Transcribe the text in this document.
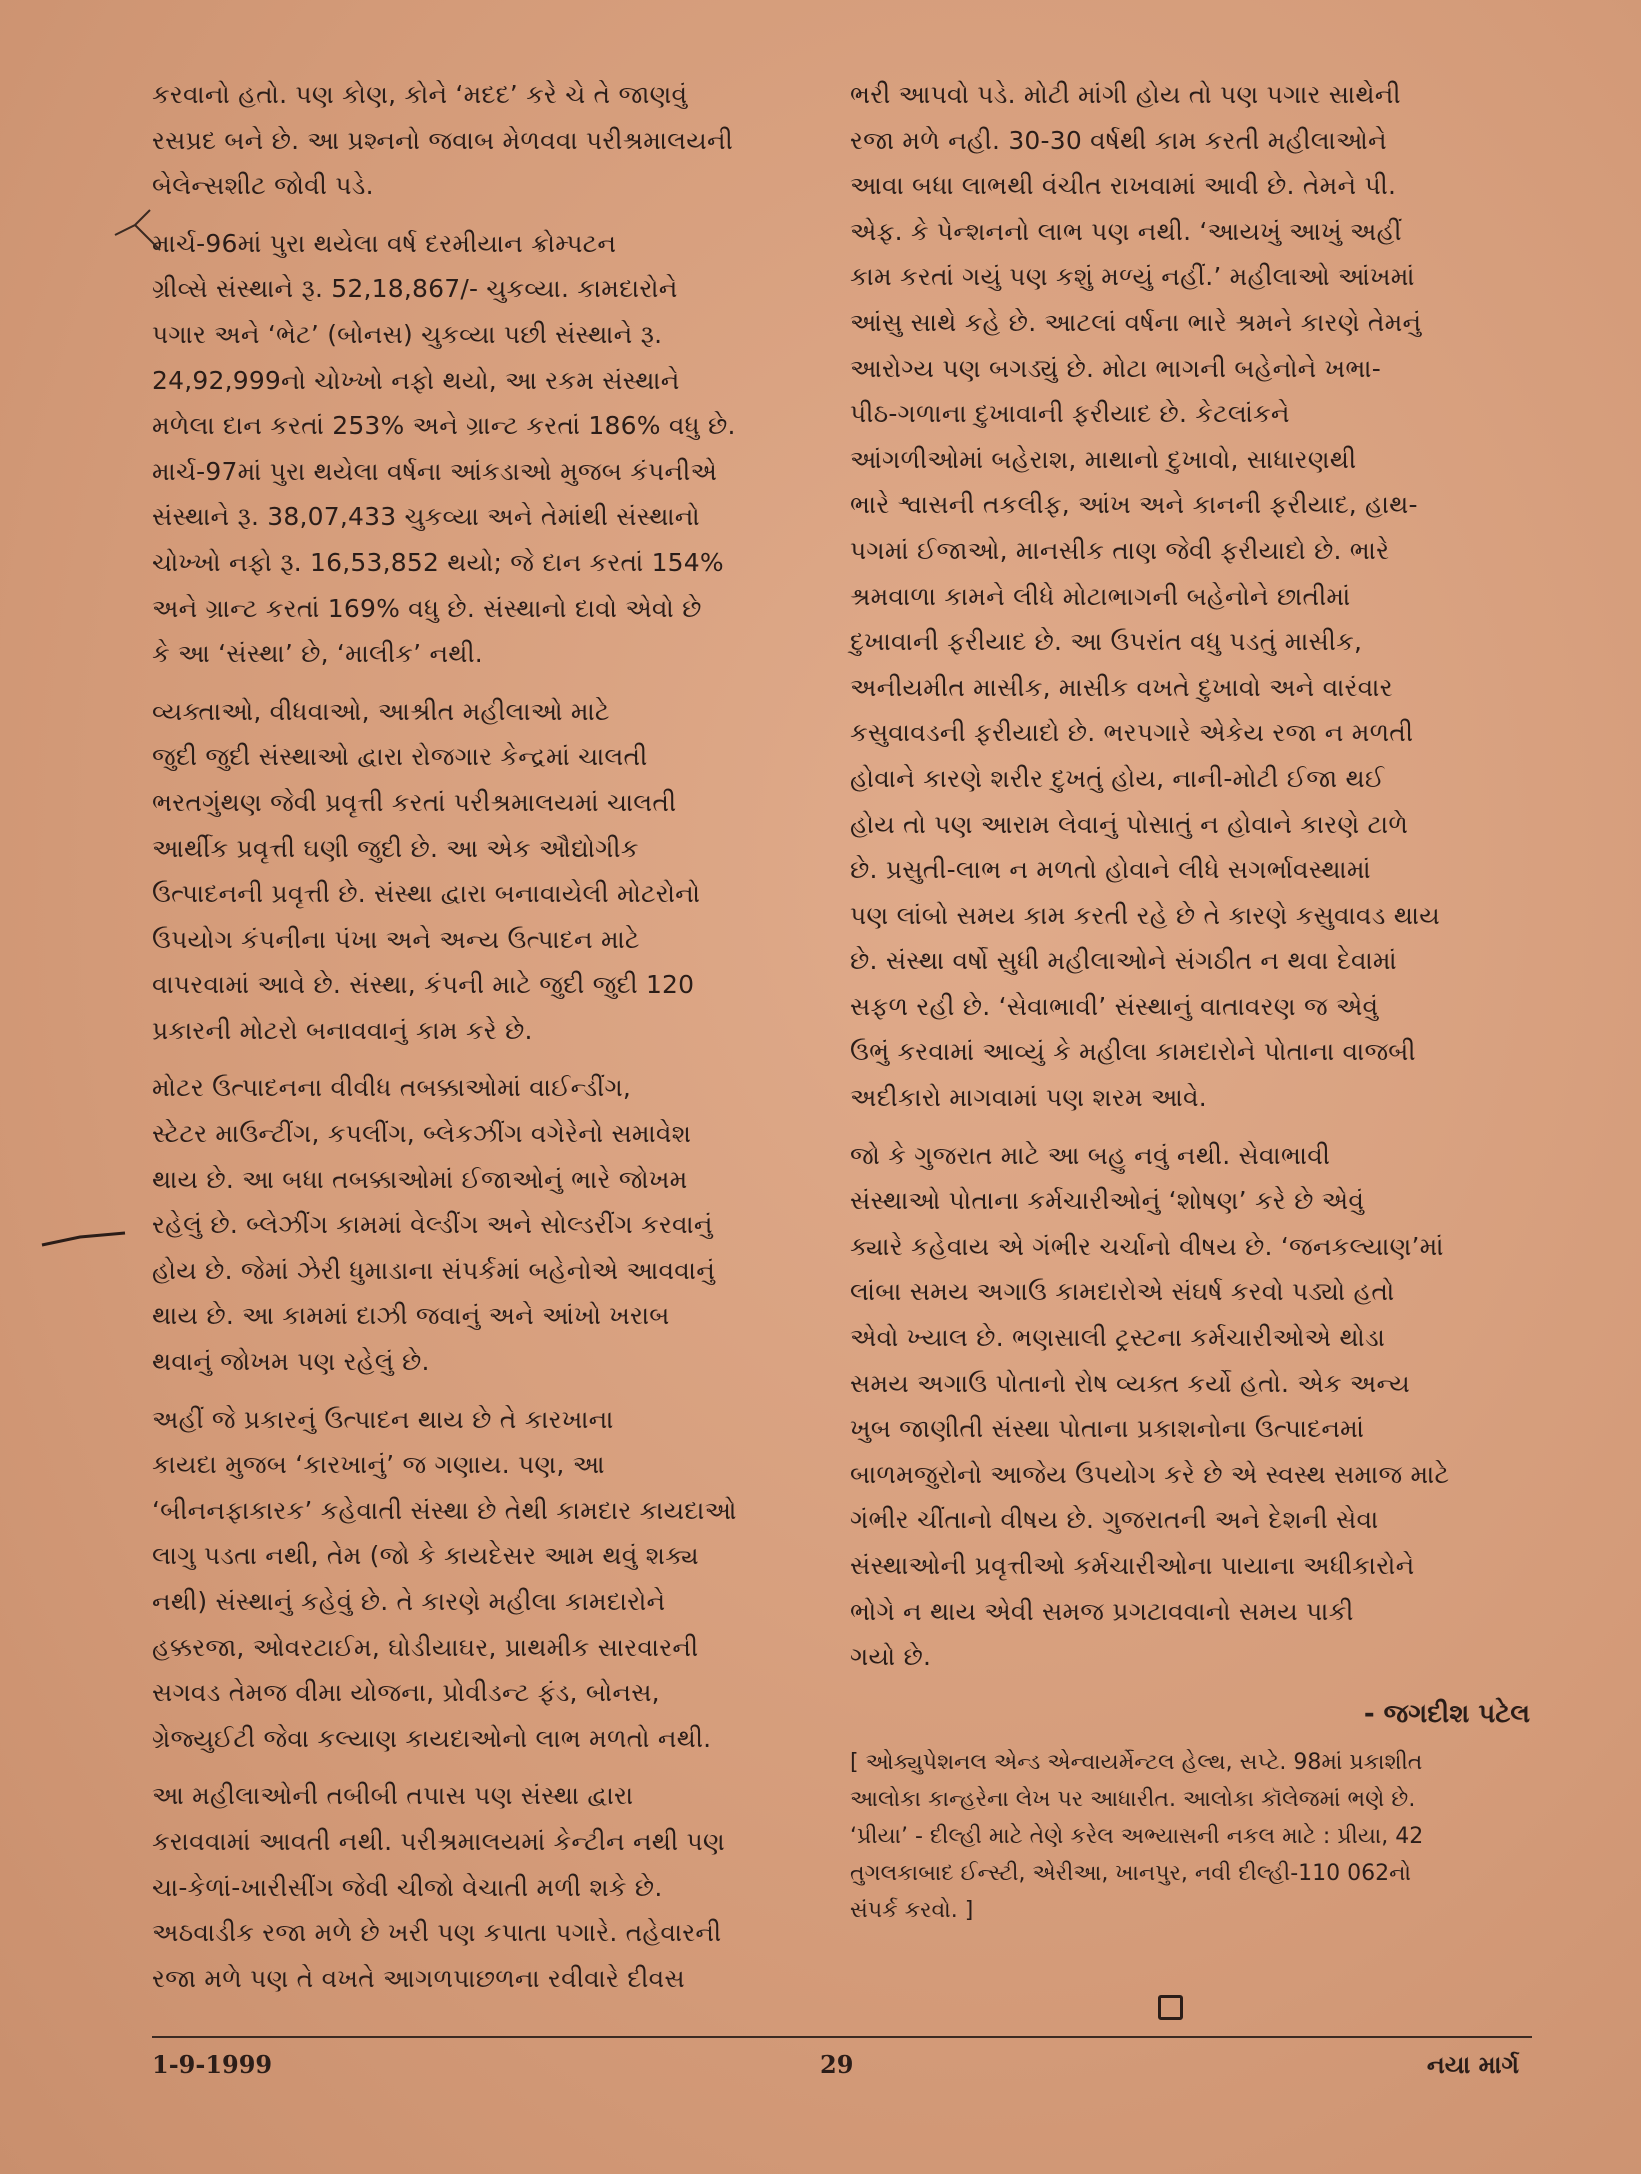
કરવાનો હતો. પણ કોણ, કોને ‘મદદ’ કરે ચે તે જાણવું
રસપ્રદ બને છે. આ પ્રશ્નનો જવાબ મેળવવા પરીશ્રમાલયની
બેલેન્સશીટ જોવી પડે.

માર્ચ-96માં પુરા થયેલા વર્ષ દરમીયાન ક્રોમ્પટન
ગ્રીવ્સે સંસ્થાને રૂ. 52,18,867/- ચુકવ્યા. કામદારોને
પગાર અને ‘ભેટ’ (બોનસ) ચુકવ્યા પછી સંસ્થાને રૂ.
24,92,999નો ચોખ્ખો નફો થયો, આ રકમ સંસ્થાને
મળેલા દાન કરતાં 253% અને ગ્રાન્ટ કરતાં 186% વધુ છે.
માર્ચ-97માં પુરા થયેલા વર્ષના આંકડાઓ મુજબ કંપનીએ
સંસ્થાને રૂ. 38,07,433 ચુકવ્યા અને તેમાંથી સંસ્થાનો
ચોખ્ખો નફો રૂ. 16,53,852 થયો; જે દાન કરતાં 154%
અને ગ્રાન્ટ કરતાં 169% વધુ છે. સંસ્થાનો દાવો એવો છે
કે આ ‘સંસ્થા’ છે, ‘માલીક’ નથી.

વ્યક્તાઓ, વીધવાઓ, આશ્રીત મહીલાઓ માટે
જુદી જુદી સંસ્થાઓ દ્વારા રોજગાર કેન્દ્રમાં ચાલતી
ભરતગુંથણ જેવી પ્રવૃત્તી કરતાં પરીશ્રમાલયમાં ચાલતી
આર્થીક પ્રવૃત્તી ઘણી જુદી છે. આ એક ઔદ્યોગીક
ઉત્પાદનની પ્રવૃત્તી છે. સંસ્થા દ્વારા બનાવાયેલી મોટરોનો
ઉપયોગ કંપનીના પંખા અને અન્ય ઉત્પાદન માટે
વાપરવામાં આવે છે. સંસ્થા, કંપની માટે જુદી જુદી 120
પ્રકારની મોટરો બનાવવાનું કામ કરે છે.

મોટર ઉત્પાદનના વીવીધ તબક્કાઓમાં વાઈન્ડીંગ,
સ્ટેટર માઉન્ટીંગ, કપલીંગ, બ્લેકઝીંગ વગેરેનો સમાવેશ
થાય છે. આ બધા તબક્કાઓમાં ઈજાઓનું ભારે જોખમ
રહેલું છે. બ્લેઝીંગ કામમાં વેલ્ડીંગ અને સોલ્ડરીંગ કરવાનું
હોય છે. જેમાં ઝેરી ધુમાડાના સંપર્કમાં બહેનોએ આવવાનું
થાય છે. આ કામમાં દાઝી જવાનું અને આંખો ખરાબ
થવાનું જોખમ પણ રહેલું છે.

અહીં જે પ્રકારનું ઉત્પાદન થાય છે તે કારખાના
કાયદા મુજબ ‘કારખાનું’ જ ગણાય. પણ, આ
‘બીનનફાકારક’ કહેવાતી સંસ્થા છે તેથી કામદાર કાયદાઓ
લાગુ પડતા નથી, તેમ (જો કે કાયદેસર આમ થવું શક્ય
નથી) સંસ્થાનું કહેવું છે. તે કારણે મહીલા કામદારોને
હક્કરજા, ઓવરટાઈમ, ઘોડીયાઘર, પ્રાથમીક સારવારની
સગવડ તેમજ વીમા યોજના, પ્રોવીડન્ટ ફંડ, બોનસ,
ગ્રેજ્યુઈટી જેવા કલ્યાણ કાયદાઓનો લાભ મળતો નથી.

આ મહીલાઓની તબીબી તપાસ પણ સંસ્થા દ્વારા
કરાવવામાં આવતી નથી. પરીશ્રમાલયમાં કેન્ટીન નથી પણ
ચા-કેળાં-ખારીસીંગ જેવી ચીજો વેચાતી મળી શકે છે.
અઠવાડીક રજા મળે છે ખરી પણ કપાતા પગારે. તહેવારની
રજા મળે પણ તે વખતે આગળપાછળના રવીવારે દીવસ

ભરી આપવો પડે. મોટી માંગી હોય તો પણ પગાર સાથેની
રજા મળે નહી. 30-30 વર્ષથી કામ કરતી મહીલાઓને
આવા બધા લાભથી વંચીત રાખવામાં આવી છે. તેમને પી.
એફ. કે પેન્શનનો લાભ પણ નથી. ‘આયખું આખું અહીં
કામ કરતાં ગયું પણ કશું મળ્યું નહીં.’ મહીલાઓ આંખમાં
આંસુ સાથે કહે છે. આટલાં વર્ષના ભારે શ્રમને કારણે તેમનું
આરોગ્ય પણ બગડ્યું છે. મોટા ભાગની બહેનોને ખભા-
પીઠ-ગળાના દુખાવાની ફરીયાદ છે. કેટલાંકને
આંગળીઓમાં બહેરાશ, માથાનો દુખાવો, સાધારણથી
ભારે શ્વાસની તકલીફ, આંખ અને કાનની ફરીયાદ, હાથ-
પગમાં ઈજાઓ, માનસીક તાણ જેવી ફરીયાદો છે. ભારે
શ્રમવાળા કામને લીધે મોટાભાગની બહેનોને છાતીમાં
દુખાવાની ફરીયાદ છે. આ ઉપરાંત વધુ પડતું માસીક,
અનીયમીત માસીક, માસીક વખતે દુખાવો અને વારંવાર
કસુવાવડની ફરીયાદો છે. ભરપગારે એકેય રજા ન મળતી
હોવાને કારણે શરીર દુખતું હોય, નાની-મોટી ઈજા થઈ
હોય તો પણ આરામ લેવાનું પોસાતું ન હોવાને કારણે ટાળે
છે. પ્રસુતી-લાભ ન મળતો હોવાને લીધે સગર્ભાવસ્થામાં
પણ લાંબો સમય કામ કરતી રહે છે તે કારણે કસુવાવડ થાય
છે. સંસ્થા વર્ષો સુધી મહીલાઓને સંગઠીત ન થવા દેવામાં
સફળ રહી છે. ‘સેવાભાવી’ સંસ્થાનું વાતાવરણ જ એવું
ઉભું કરવામાં આવ્યું કે મહીલા કામદારોને પોતાના વાજબી
અદીકારો માગવામાં પણ શરમ આવે.

જો કે ગુજરાત માટે આ બહુ નવું નથી. સેવાભાવી
સંસ્થાઓ પોતાના કર્મચારીઓનું ‘શોષણ’ કરે છે એવું
ક્યારે કહેવાય એ ગંભીર ચર્ચાનો વીષય છે. ‘જનકલ્યાણ’માં
લાંબા સમય અગાઉ કામદારોએ સંઘર્ષ કરવો પડ્યો હતો
એવો ખ્યાલ છે. ભણસાલી ટ્રસ્ટના કર્મચારીઓએ થોડા
સમય અગાઉ પોતાનો રોષ વ્યક્ત કર્યો હતો. એક અન્ય
ખુબ જાણીતી સંસ્થા પોતાના પ્રકાશનોના ઉત્પાદનમાં
બાળમજુરોનો આજેય ઉપયોગ કરે છે એ સ્વસ્થ સમાજ માટે
ગંભીર ચીંતાનો વીષય છે. ગુજરાતની અને દેશની સેવા
સંસ્થાઓની પ્રવૃત્તીઓ કર્મચારીઓના પાયાના અધીકારોને
ભોગે ન થાય એવી સમજ પ્રગટાવવાનો સમય પાકી
ગયો છે.

- જગદીશ પટેલ

[ ઓક્યુપેશનલ એન્ડ એન્વાયર્મેન્ટલ હેલ્થ, સપ્ટે. 98માં પ્રકાશીત
આલોકા કાન્હરેના લેખ પર આધારીત. આલોકા કૉલેજમાં ભણે છે.
‘પ્રીયા’ - દીલ્હી માટે તેણે કરેલ અભ્યાસની નકલ માટે : પ્રીયા, 42
તુગલકાબાદ ઈન્સ્ટી, એરીઆ, ખાનપુર, નવી દીલ્હી-110 062નો
સંપર્ક કરવો. ]

1-9-1999	29	નયા માર્ગ
